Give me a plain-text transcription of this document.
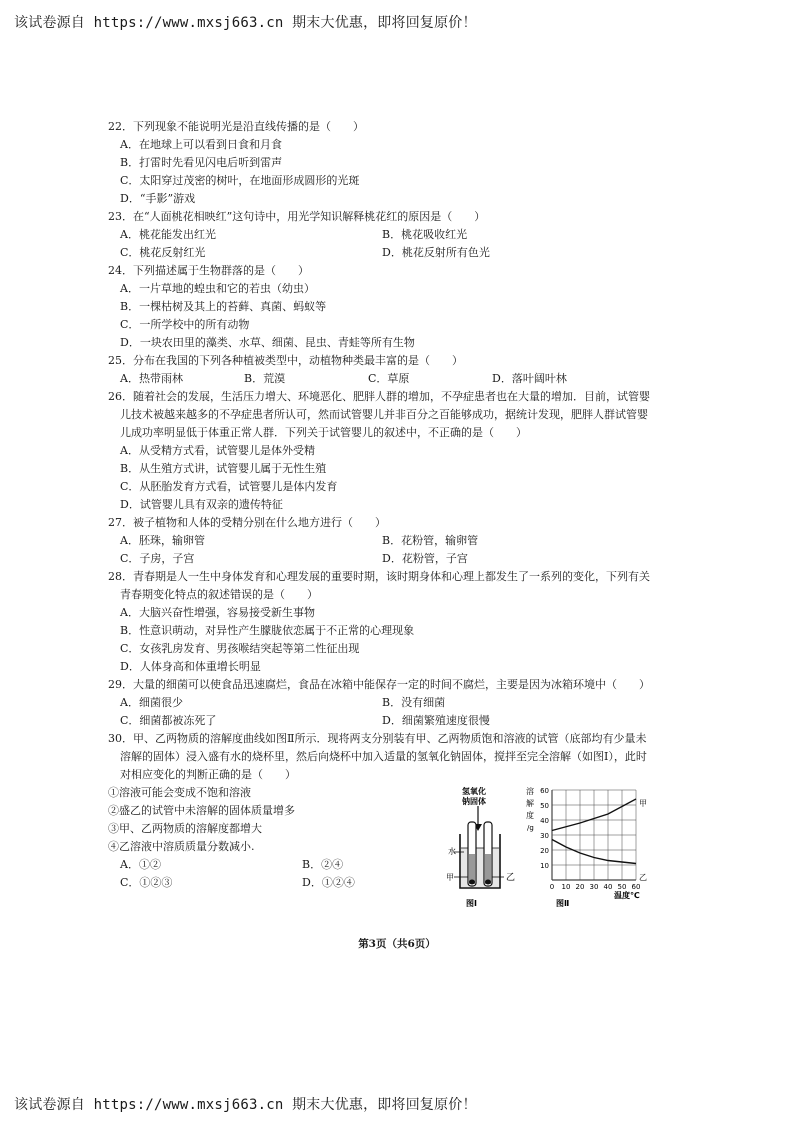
该试卷源自 https://www.mxsj663.cn 期末大优惠，即将回复原价！
22．下列现象不能说明光是沿直线传播的是（　　）
A．在地球上可以看到日食和月食
B．打雷时先看见闪电后听到雷声
C．太阳穿过茂密的树叶，在地面形成圆形的光斑
D．“手影”游戏
23．在“人面桃花相映红”这句诗中，用光学知识解释桃花红的原因是（　　）
A．桃花能发出红光	B．桃花吸收红光
C．桃花反射红光	D．桃花反射所有色光
24．下列描述属于生物群落的是（　　）
A．一片草地的蝗虫和它的若虫（幼虫）
B．一棵枯树及其上的苔藓、真菌、蚂蚁等
C．一所学校中的所有动物
D．一块农田里的藻类、水草、细菌、昆虫、青蛙等所有生物
25．分布在我国的下列各种植被类型中，动植物种类最丰富的是（　　）
A．热带雨林	B．荒漠	C．草原	D．落叶阔叶林
26．随着社会的发展，生活压力增大、环境恶化、肥胖人群的增加，不孕症患者也在大量的增加．目前，试管婴儿技术被越来越多的不孕症患者所认可，然而试管婴儿并非百分之百能够成功，据统计发现，肥胖人群试管婴儿成功率明显低于体重正常人群．下列关于试管婴儿的叙述中，不正确的是（　　）
A．从受精方式看，试管婴儿是体外受精
B．从生殖方式讲，试管婴儿属于无性生殖
C．从胚胎发育方式看，试管婴儿是体内发育
D．试管婴儿具有双亲的遗传特征
27．被子植物和人体的受精分别在什么地方进行（　　）
A．胚珠，输卵管	B．花粉管，输卵管
C．子房，子宫	D．花粉管，子宫
28．青春期是人一生中身体发育和心理发展的重要时期，该时期身体和心理上都发生了一系列的变化，下列有关青春期变化特点的叙述错误的是（　　）
A．大脑兴奋性增强，容易接受新生事物
B．性意识萌动，对异性产生朦胧依恋属于不正常的心理现象
C．女孩乳房发育、男孩喉结突起等第二性征出现
D．人体身高和体重增长明显
29．大量的细菌可以使食品迅速腐烂，食品在冰箱中能保存一定的时间不腐烂，主要是因为冰箱环境中（　　）
A．细菌很少	B．没有细菌
C．细菌都被冻死了	D．细菌繁殖速度很慢
30．甲、乙两物质的溶解度曲线如图Ⅱ所示．现将两支分别装有甲、乙两物质饱和溶液的试管（底部均有少量未溶解的固体）浸入盛有水的烧杯里，然后向烧杯中加入适量的氢氧化钠固体，搅拌至完全溶解（如图Ⅰ），此时对相应变化的判断正确的是（　　）
①溶液可能会变成不饱和溶液
②盛乙的试管中未溶解的固体质量增多
③甲、乙两物质的溶解度都增大
④乙溶液中溶质质量分数减小.
A．①②	B．②④
C．①②③	D．①②④
氢氧化
钠固体
水
甲	乙
图Ⅰ
溶
解
度
/g
60
50
40
30
20
10
0 10 20 30 40 50 60
甲
乙
温度℃
图Ⅱ
第3页（共6页）
该试卷源自 https://www.mxsj663.cn 期末大优惠，即将回复原价！
